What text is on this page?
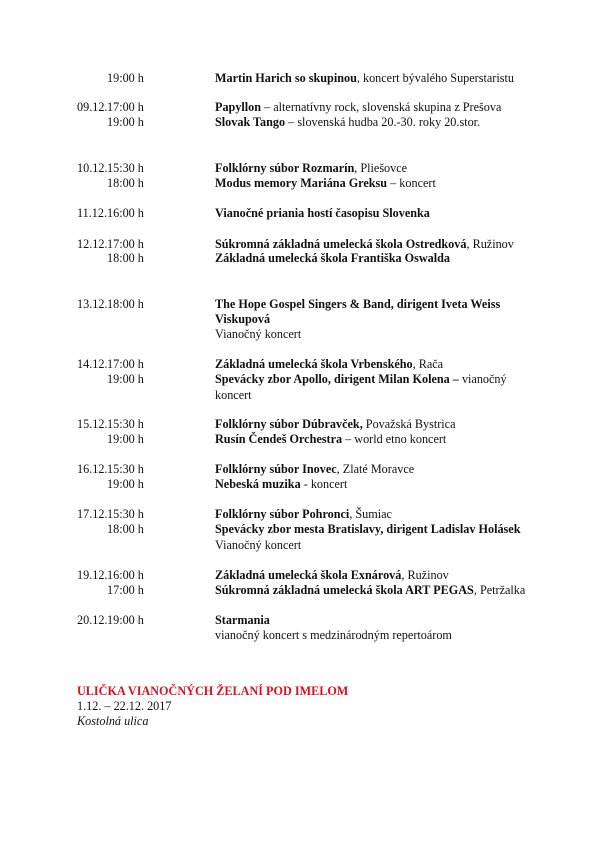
19:00 h	Martin Harich so skupinou, koncert bývalého Superstaristu
09.12. 17:00 h	Papyllon – alternatívny rock, slovenská skupina z Prešova
19:00 h	Slovak Tango – slovenská hudba 20.-30. roky 20.stor.
10.12. 15:30 h	Folklórny súbor Rozmarín, Pliešovce
18:00 h	Modus memory Mariána Greksu – koncert
11.12. 16:00 h	Vianočné priania hostí časopisu Slovenka
12.12. 17:00 h	Súkromná základná umelecká škola Ostredková, Ružinov
18:00 h	Základná umelecká škola Františka Oswalda
13.12. 18:00 h	The Hope Gospel Singers & Band, dirigent Iveta Weiss
Viskupová
Vianočný koncert
14.12. 17:00 h	Základná umelecká škola Vrbenského, Rača
19:00 h	Spevácky zbor Apollo, dirigent Milan Kolena – vianočný
koncert
15.12. 15:30 h	Folklórny súbor Dúbravček, Považská Bystrica
19:00 h	Rusín Čendeš Orchestra – world etno koncert
16.12. 15:30 h	Folklórny súbor Inovec, Zlaté Moravce
19:00 h	Nebeská muzika - koncert
17.12. 15:30 h	Folklórny súbor Pohronci, Šumiac
18:00 h	Spevácky zbor mesta Bratislavy, dirigent Ladislav Holásek
Vianočný koncert
19.12. 16:00 h	Základná umelecká škola Exnárová, Ružinov
17:00 h	Súkromná základná umelecká škola ART PEGAS, Petržalka
20.12. 19:00 h	Starmania
vianočný koncert s medzinárodným repertoárom
ULIČKA VIANOČNÝCH ŽELANÍ POD IMELOM
1.12. – 22.12. 2017
Kostolná ulica
